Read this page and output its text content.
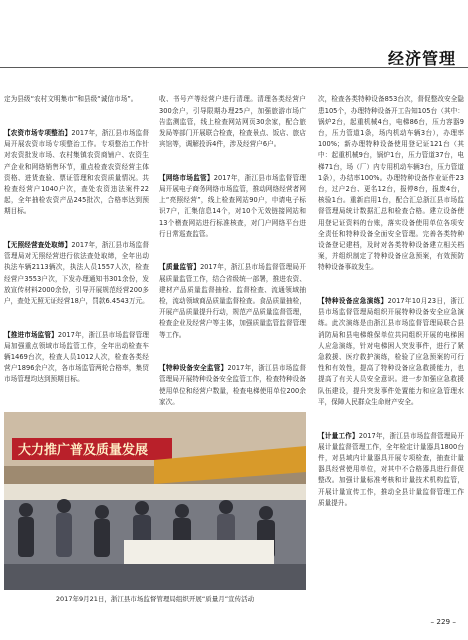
经济管理

定为县级“农村文明集市”和县级“诚信市场”。

【农资市场专项整治】2017年，浙江县市场监督局开展农资市场专项整治工作。专项整治工作针对农资批发市场、农村集镇农资商铺户、农资生产企业和网络销售环节，重点检查农资经营主体资格、进货查验、票证管理和农资质量情况。共检查经营户1040户次，查处农资违法案件22起，全年抽检农资产品245批次，合格率达到预期目标。

【无照经营查处取缔】2017年，浙江县市场监督管理局对无照经营进行依法查处取缔，全年出动执法车辆2113辆次，执法人员1557人次，检查经营户3553户次，下发办理通知书301余份，发放宣传材料2000余份，引导开展规范经营200多户，查处无照无证经营18户，罚款6.4543万元。

【推进市场监管】2017年，浙江县市场监督管理局加强重点领域市场监管工作，全年出动检查车辆1469台次，检查人员1012人次，检查各类经营户1896余户次，各市场监管两轮合格率，集贸市场管理均达到预期目标。

收、书号产等经营户进行清理。清理各类经营户300余户，引导限期办理25户，加强旅游市场广告监测监管，线上检查网站网页30余家，配合旅发局等部门开展联合检查，检查景点、饭店、旅店宾馆等，调解投诉4件，涉及经营户6户。

【网络市场监管】2017年，浙江县市场监督管理局开展电子商务网络市场监管，推动网络经营者网上“亮照经营”，线上检查网站90户，申请电子标识7户，汇集信息14个，对10个无效链接网站和13个稽查网站进行标准核查，对门户网络平台进行日常巡查监管。

【质量监管】2017年，浙江县市场监督管理局开展质量监管工作，结合省级统一部署，推进农资、建材产品质量监督抽检、监督检查、流通领域抽检，流动领域商品质量监督检查。食品质量抽检，开展产品质量提升行动，规范产品质量监督管理，检查企业及经营户等主体，加强质量监管监督管理等工作。

【特种设备安全监管】2017年，浙江县市场监督管理局开展特种设备安全监管工作，检查特种设备使用单位和经营户数量，检查电梯使用单位200余家次。

次，检查各类特种设备853台次，督促整改安全隐患105个，办理特种设备开工告知105台（其中：锅炉2台，起重机械4台，电梯86台，压力容器9台，压力管道1条，场内机动车辆3台），办理率100%；新办理特种设备使用登记证121台（其中：起重机械9台，锅炉1台，压力管道37台，电梯71台，场（厂）内专用机动车辆3台，压力管道1条），办结率100%。办理特种设备作业证件23台，过户2台、更名12台，报停8台，报废4台，核验1台。重新启用1台，配合汇总浙江县市场监督管理局统计数据汇总和检查合格。建立设备使用登记证资料的台账，落实设备使用单位各项安全责任和特种设备全面安全管理。完善各类特种设备登记建档，及时对各类特种设备建立相关档案，并组织制定了特种设备应急预案，有效预防特种设备事故发生。

【特种设备应急演练】2017年10月23日，浙江县市场监督管理局组织开展特种设备安全应急演练。此次演练是由浙江县市场监督管理局联合县消防局和县电梯维保单位共同组织开展的电梯困人应急演练，针对电梯困人突发事件，进行了紧急救援、医疗救护演练，检验了应急预案的可行性和有效性，提高了特种设备应急救援能力，也提高了有关人员安全意识。进一步加强应急救援队伍建设，提升突发事件处置能力和应急管理水平，保障人民群众生命财产安全。

【计量工作】2017年，浙江县市场监督管理局开展计量监督管理工作，全年检定计量器具1800台件，对县域内计量器具开展专项检查，抽查计量器具经营使用单位，对其中不合格器具进行督促整改。加强计量标准考核和计量技术机构监管，开展计量宣传工作，推动全县计量监督管理工作质量提升。

大力推广普及质量发展
2017年9月21日，浙江县市场监督管理局组织开展“质量月”宣传活动
– 229 –
